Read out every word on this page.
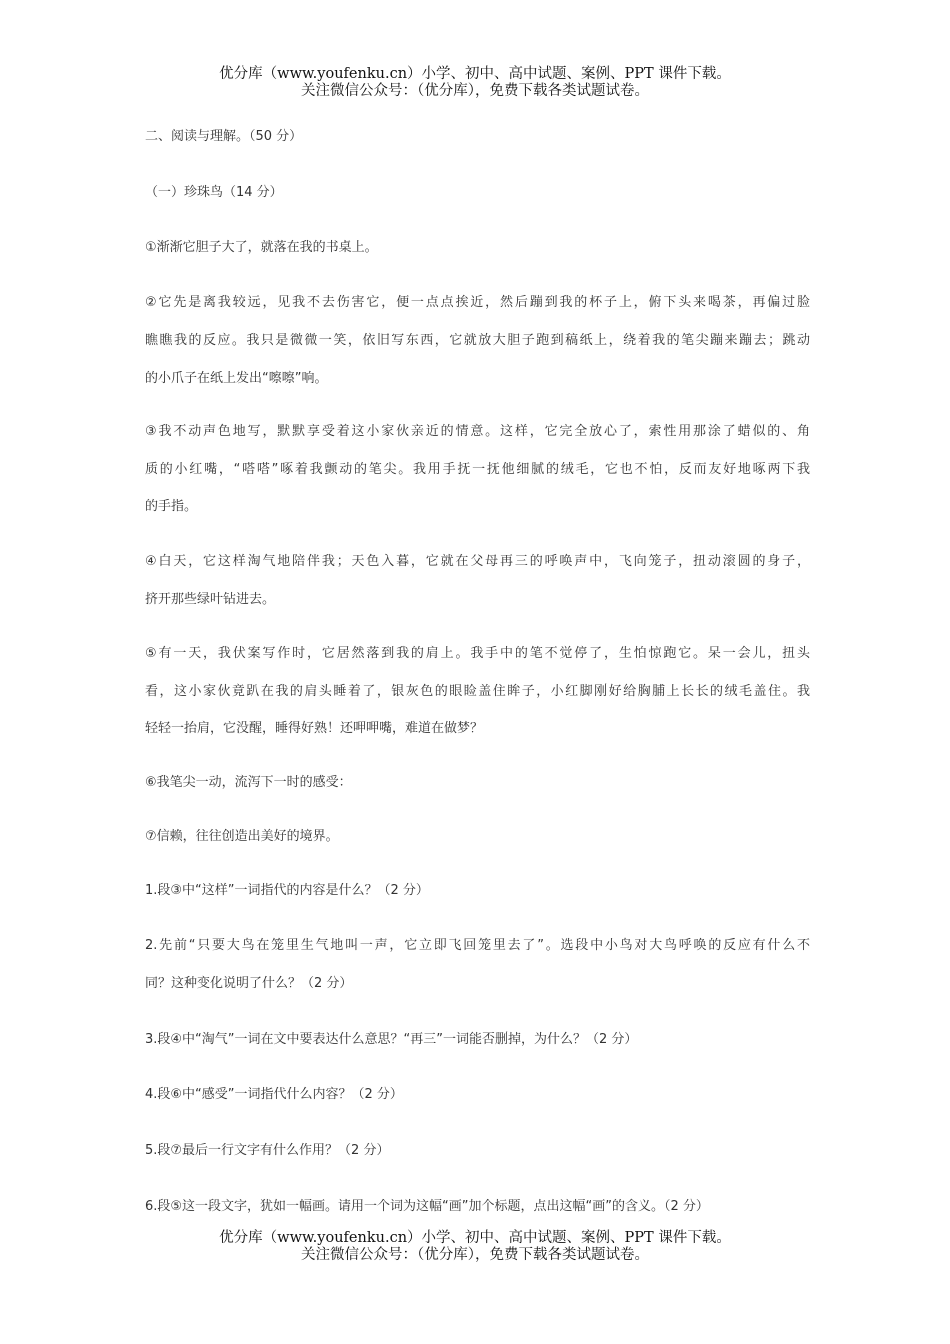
优分库（www.youfenku.cn）小学、初中、高中试题、案例、PPT 课件下载。
关注微信公众号：（优分库），免费下载各类试题试卷。
二、阅读与理解。（50 分）
（一）珍珠鸟（14 分）
①渐渐它胆子大了，就落在我的书桌上。
②它先是离我较远，见我不去伤害它，便一点点挨近，然后蹦到我的杯子上，俯下头来喝茶，再偏过脸
瞧瞧我的反应。我只是微微一笑，依旧写东西，它就放大胆子跑到稿纸上，绕着我的笔尖蹦来蹦去；跳动
的小爪子在纸上发出“嚓嚓”响。
③我不动声色地写，默默享受着这小家伙亲近的情意。这样，它完全放心了，索性用那涂了蜡似的、角
质的小红嘴，“嗒嗒”啄着我颤动的笔尖。我用手抚一抚他细腻的绒毛，它也不怕，反而友好地啄两下我
的手指。
④白天，它这样淘气地陪伴我；天色入暮，它就在父母再三的呼唤声中，飞向笼子，扭动滚圆的身子，
挤开那些绿叶钻进去。
⑤有一天，我伏案写作时，它居然落到我的肩上。我手中的笔不觉停了，生怕惊跑它。呆一会儿，扭头
看，这小家伙竟趴在我的肩头睡着了，银灰色的眼睑盖住眸子，小红脚刚好给胸脯上长长的绒毛盖住。我
轻轻一抬肩，它没醒，睡得好熟！还呷呷嘴，难道在做梦？
⑥我笔尖一动，流泻下一时的感受：
⑦信赖，往往创造出美好的境界。
1.段③中“这样”一词指代的内容是什么？（2 分）
2.先前“只要大鸟在笼里生气地叫一声，它立即飞回笼里去了”。选段中小鸟对大鸟呼唤的反应有什么不
同？这种变化说明了什么？（2 分）
3.段④中“淘气”一词在文中要表达什么意思？“再三”一词能否删掉，为什么？（2 分）
4.段⑥中“感受”一词指代什么内容？（2 分）
5.段⑦最后一行文字有什么作用？（2 分）
6.段⑤这一段文字，犹如一幅画。请用一个词为这幅“画”加个标题，点出这幅“画”的含义。（2 分）
优分库（www.youfenku.cn）小学、初中、高中试题、案例、PPT 课件下载。
关注微信公众号：（优分库），免费下载各类试题试卷。
